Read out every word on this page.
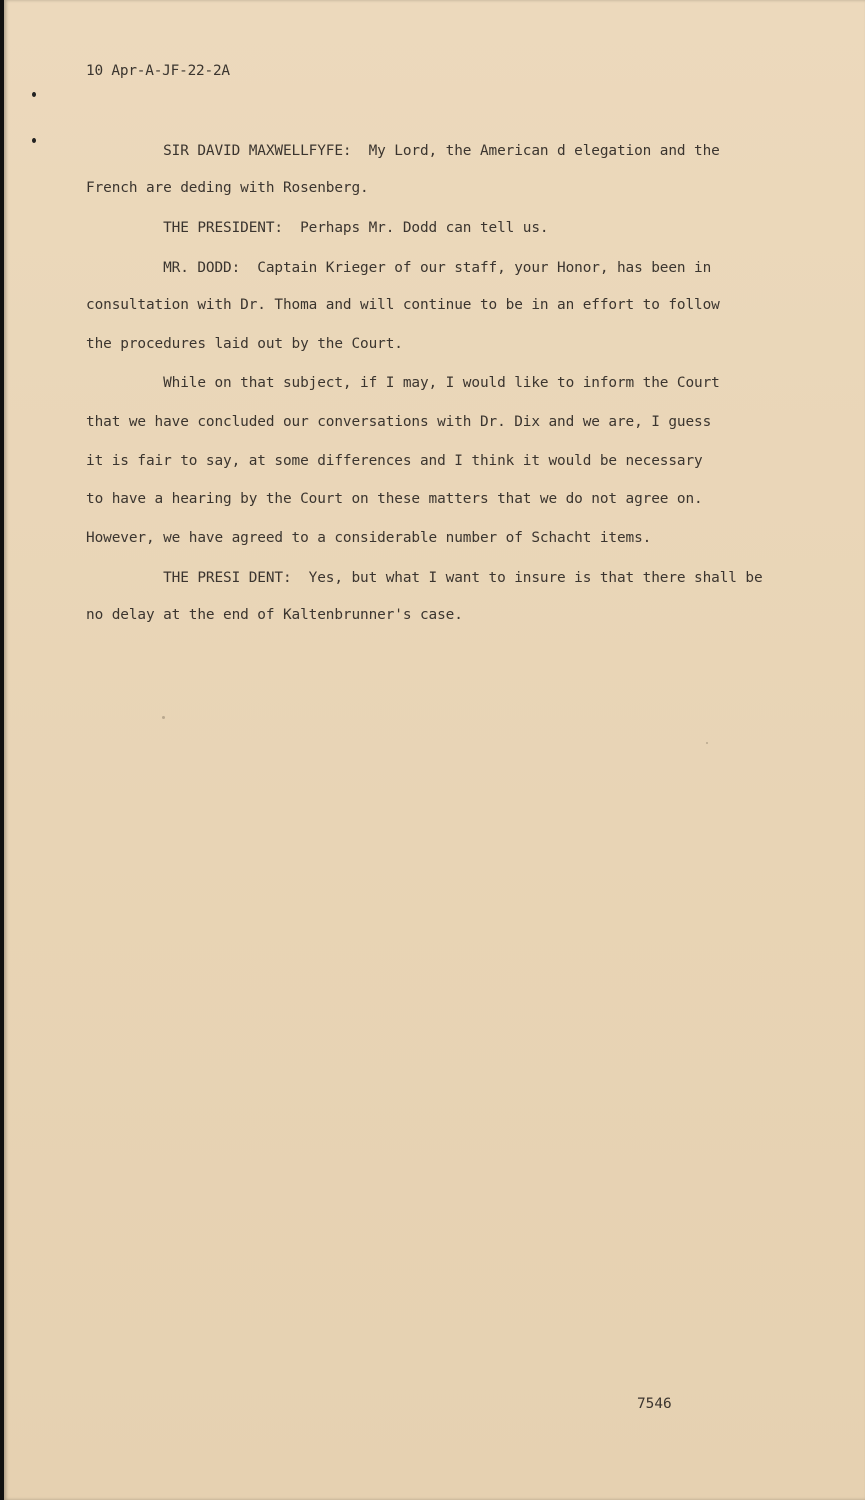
10 Apr-A-JF-22-2A
SIR DAVID MAXWELLFYFE:  My Lord, the American d elegation and the
French are deding with Rosenberg.
THE PRESIDENT:  Perhaps Mr. Dodd can tell us.
MR. DODD:  Captain Krieger of our staff, your Honor, has been in
consultation with Dr. Thoma and will continue to be in an effort to follow
the procedures laid out by the Court.
While on that subject, if I may, I would like to inform the Court
that we have concluded our conversations with Dr. Dix and we are, I guess
it is fair to say, at some differences and I think it would be necessary
to have a hearing by the Court on these matters that we do not agree on.
However, we have agreed to a considerable number of Schacht items.
THE PRESI DENT:  Yes, but what I want to insure is that there shall be
no delay at the end of Kaltenbrunner's case.
7546
